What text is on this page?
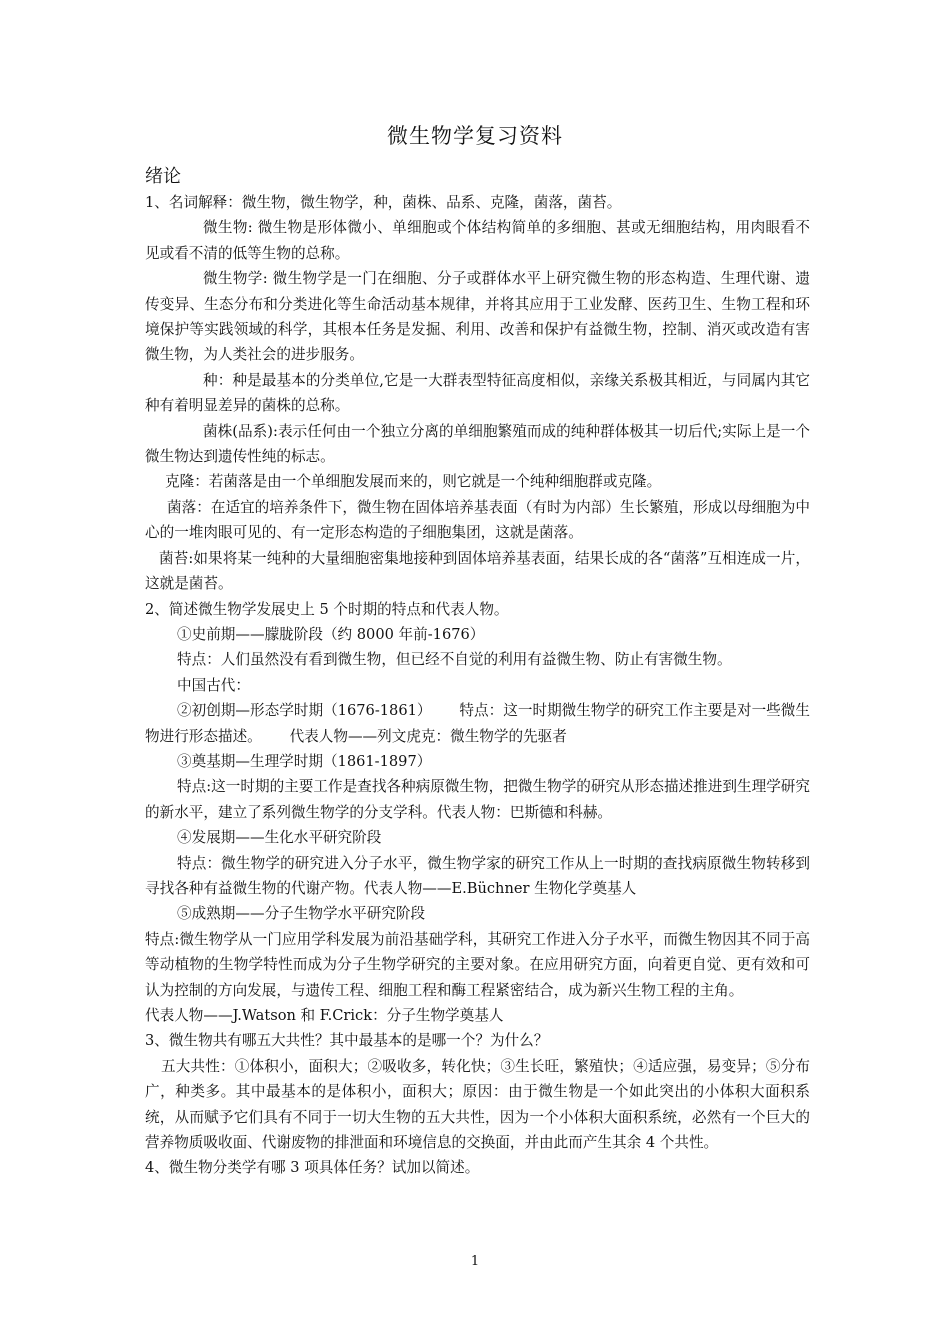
微生物学复习资料
绪论

1、名词解释：微生物，微生物学，种，菌株、品系、克隆，菌落，菌苔。

微生物: 微生物是形体微小、单细胞或个体结构简单的多细胞、甚或无细胞结构，用肉眼看不见或看不清的低等生物的总称。

微生物学: 微生物学是一门在细胞、分子或群体水平上研究微生物的形态构造、生理代谢、遗传变异、生态分布和分类进化等生命活动基本规律，并将其应用于工业发酵、医药卫生、生物工程和环境保护等实践领域的科学，其根本任务是发掘、利用、改善和保护有益微生物，控制、消灭或改造有害微生物，为人类社会的进步服务。

种：种是最基本的分类单位,它是一大群表型特征高度相似，亲缘关系极其相近，与同属内其它种有着明显差异的菌株的总称。

菌株(品系):表示任何由一个独立分离的单细胞繁殖而成的纯种群体极其一切后代;实际上是一个微生物达到遗传性纯的标志。

克隆：若菌落是由一个单细胞发展而来的，则它就是一个纯种细胞群或克隆。

菌落：在适宜的培养条件下，微生物在固体培养基表面（有时为内部）生长繁殖，形成以母细胞为中心的一堆肉眼可见的、有一定形态构造的子细胞集团，这就是菌落。

菌苔:如果将某一纯种的大量细胞密集地接种到固体培养基表面，结果长成的各“菌落”互相连成一片，这就是菌苔。

2、简述微生物学发展史上 5 个时期的特点和代表人物。

①史前期——朦胧阶段（约 8000 年前-1676）

特点：人们虽然没有看到微生物，但已经不自觉的利用有益微生物、防止有害微生物。

中国古代：

②初创期—形态学时期（1676-1861）      特点：这一时期微生物学的研究工作主要是对一些微生物进行形态描述。      代表人物——列文虎克：微生物学的先驱者

③奠基期—生理学时期（1861-1897）

特点:这一时期的主要工作是查找各种病原微生物，把微生物学的研究从形态描述推进到生理学研究的新水平，建立了系列微生物学的分支学科。代表人物：巴斯德和科赫。

④发展期——生化水平研究阶段

特点：微生物学的研究进入分子水平，微生物学家的研究工作从上一时期的查找病原微生物转移到寻找各种有益微生物的代谢产物。代表人物——E.Büchner 生物化学奠基人

⑤成熟期——分子生物学水平研究阶段

特点:微生物学从一门应用学科发展为前沿基础学科，其研究工作进入分子水平，而微生物因其不同于高等动植物的生物学特性而成为分子生物学研究的主要对象。在应用研究方面，向着更自觉、更有效和可认为控制的方向发展，与遗传工程、细胞工程和酶工程紧密结合，成为新兴生物工程的主角。

代表人物——J.Watson 和 F.Crick：分子生物学奠基人

3、微生物共有哪五大共性？其中最基本的是哪一个？为什么？

五大共性：①体积小，面积大；②吸收多，转化快；③生长旺，繁殖快；④适应强，易变异；⑤分布广，种类多。其中最基本的是体积小，面积大；原因：由于微生物是一个如此突出的小体积大面积系统，从而赋予它们具有不同于一切大生物的五大共性，因为一个小体积大面积系统，必然有一个巨大的营养物质吸收面、代谢废物的排泄面和环境信息的交换面，并由此而产生其余 4 个共性。

4、微生物分类学有哪 3 项具体任务？试加以简述。

1
